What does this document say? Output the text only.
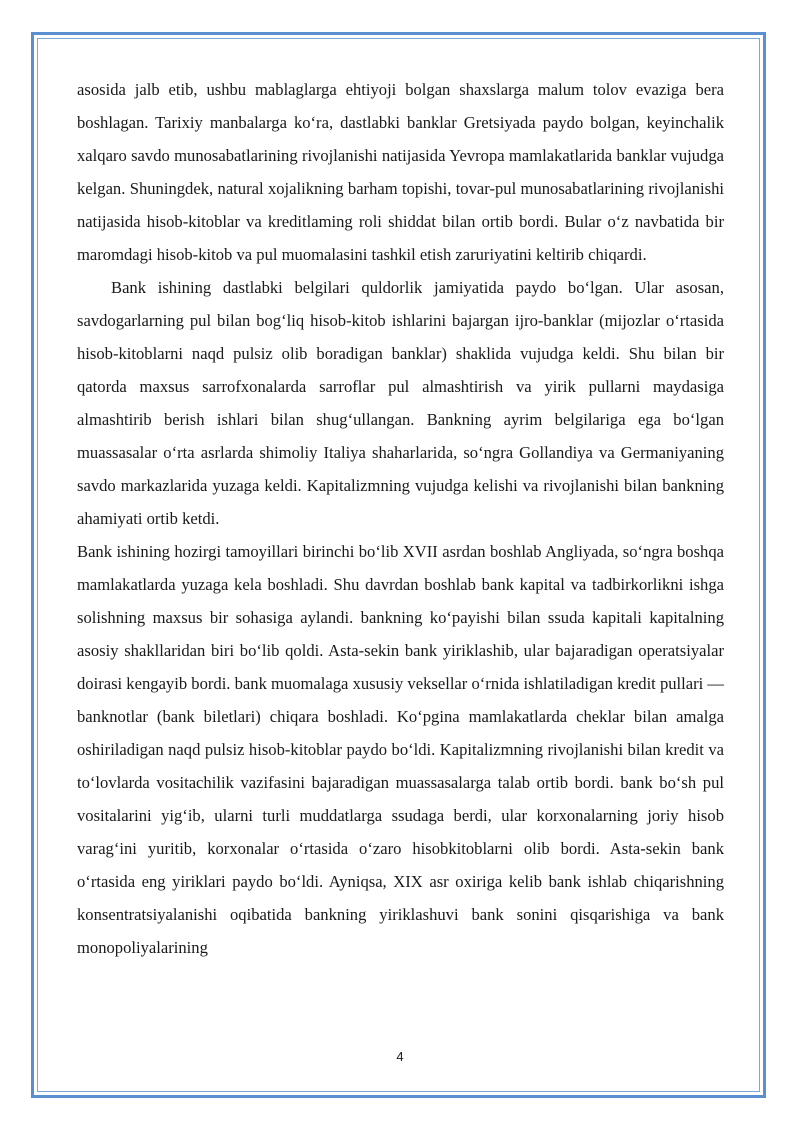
asosida jalb etib, ushbu mablaglarga ehtiyoji bolgan shaxslarga malum tolov evaziga bera boshlagan. Tarixiy manbalarga ko‘ra, dastlabki banklar Gretsiyada paydo bolgan, keyinchalik xalqaro savdo munosabatlarining rivojlanishi natijasida Yevropa mamlakatlarida banklar vujudga kelgan. Shuningdek, natural xojalikning barham topishi, tovar-pul munosabatlarining rivojlanishi natijasida hisob-kitoblar va kreditlaming roli shiddat bilan ortib bordi. Bular o‘z navbatida bir maromdagi hisob-kitob va pul muomalasini tashkil etish zaruriyatini keltirib chiqardi.

Bank ishining dastlabki belgilari quldorlik jamiyatida paydo bo‘lgan. Ular asosan, savdogarlarning pul bilan bog‘liq hisob-kitob ishlarini bajargan ijro-banklar (mijozlar o‘rtasida hisob-kitoblarni naqd pulsiz olib boradigan banklar) shaklida vujudga keldi. Shu bilan bir qatorda maxsus sarrofxonalarda sarroflar pul almashtirish va yirik pullarni maydasiga almashtirib berish ishlari bilan shug‘ullangan. Bankning ayrim belgilariga ega bo‘lgan muassasalar o‘rta asrlarda shimoliy Italiya shaharlarida, so‘ngra Gollandiya va Germaniyaning savdo markazlarida yuzaga keldi. Kapitalizmning vujudga kelishi va rivojlanishi bilan bankning ahamiyati ortib ketdi.

Bank ishining hozirgi tamoyillari birinchi bo‘lib XVII asrdan boshlab Angliyada, so‘ngra boshqa mamlakatlarda yuzaga kela boshladi. Shu davrdan boshlab bank kapital va tadbirkorlikni ishga solishning maxsus bir sohasiga aylandi. bankning ko‘payishi bilan ssuda kapitali kapitalning asosiy shakllaridan biri bo‘lib qoldi. Asta-sekin bank yiriklashib, ular bajaradigan operatsiyalar doirasi kengayib bordi. bank muomalaga xususiy veksellar o‘rnida ishlatiladigan kredit pullari — banknotlar (bank biletlari) chiqara boshladi. Ko‘pgina mamlakatlarda cheklar bilan amalga oshiriladigan naqd pulsiz hisob-kitoblar paydo bo‘ldi. Kapitalizmning rivojlanishi bilan kredit va to‘lovlarda vositachilik vazifasini bajaradigan muassasalarga talab ortib bordi. bank bo‘sh pul vositalarini yig‘ib, ularni turli muddatlarga ssudaga berdi, ular korxonalarning joriy hisob varag‘ini yuritib, korxonalar o‘rtasida o‘zaro hisobkitoblarni olib bordi. Asta-sekin bank o‘rtasida eng yiriklari paydo bo‘ldi. Ayniqsa, XIX asr oxiriga kelib bank ishlab chiqarishning konsentratsiyalanishi oqibatida bankning yiriklashuvi bank sonini qisqarishiga va bank monopoliyalarining

4
